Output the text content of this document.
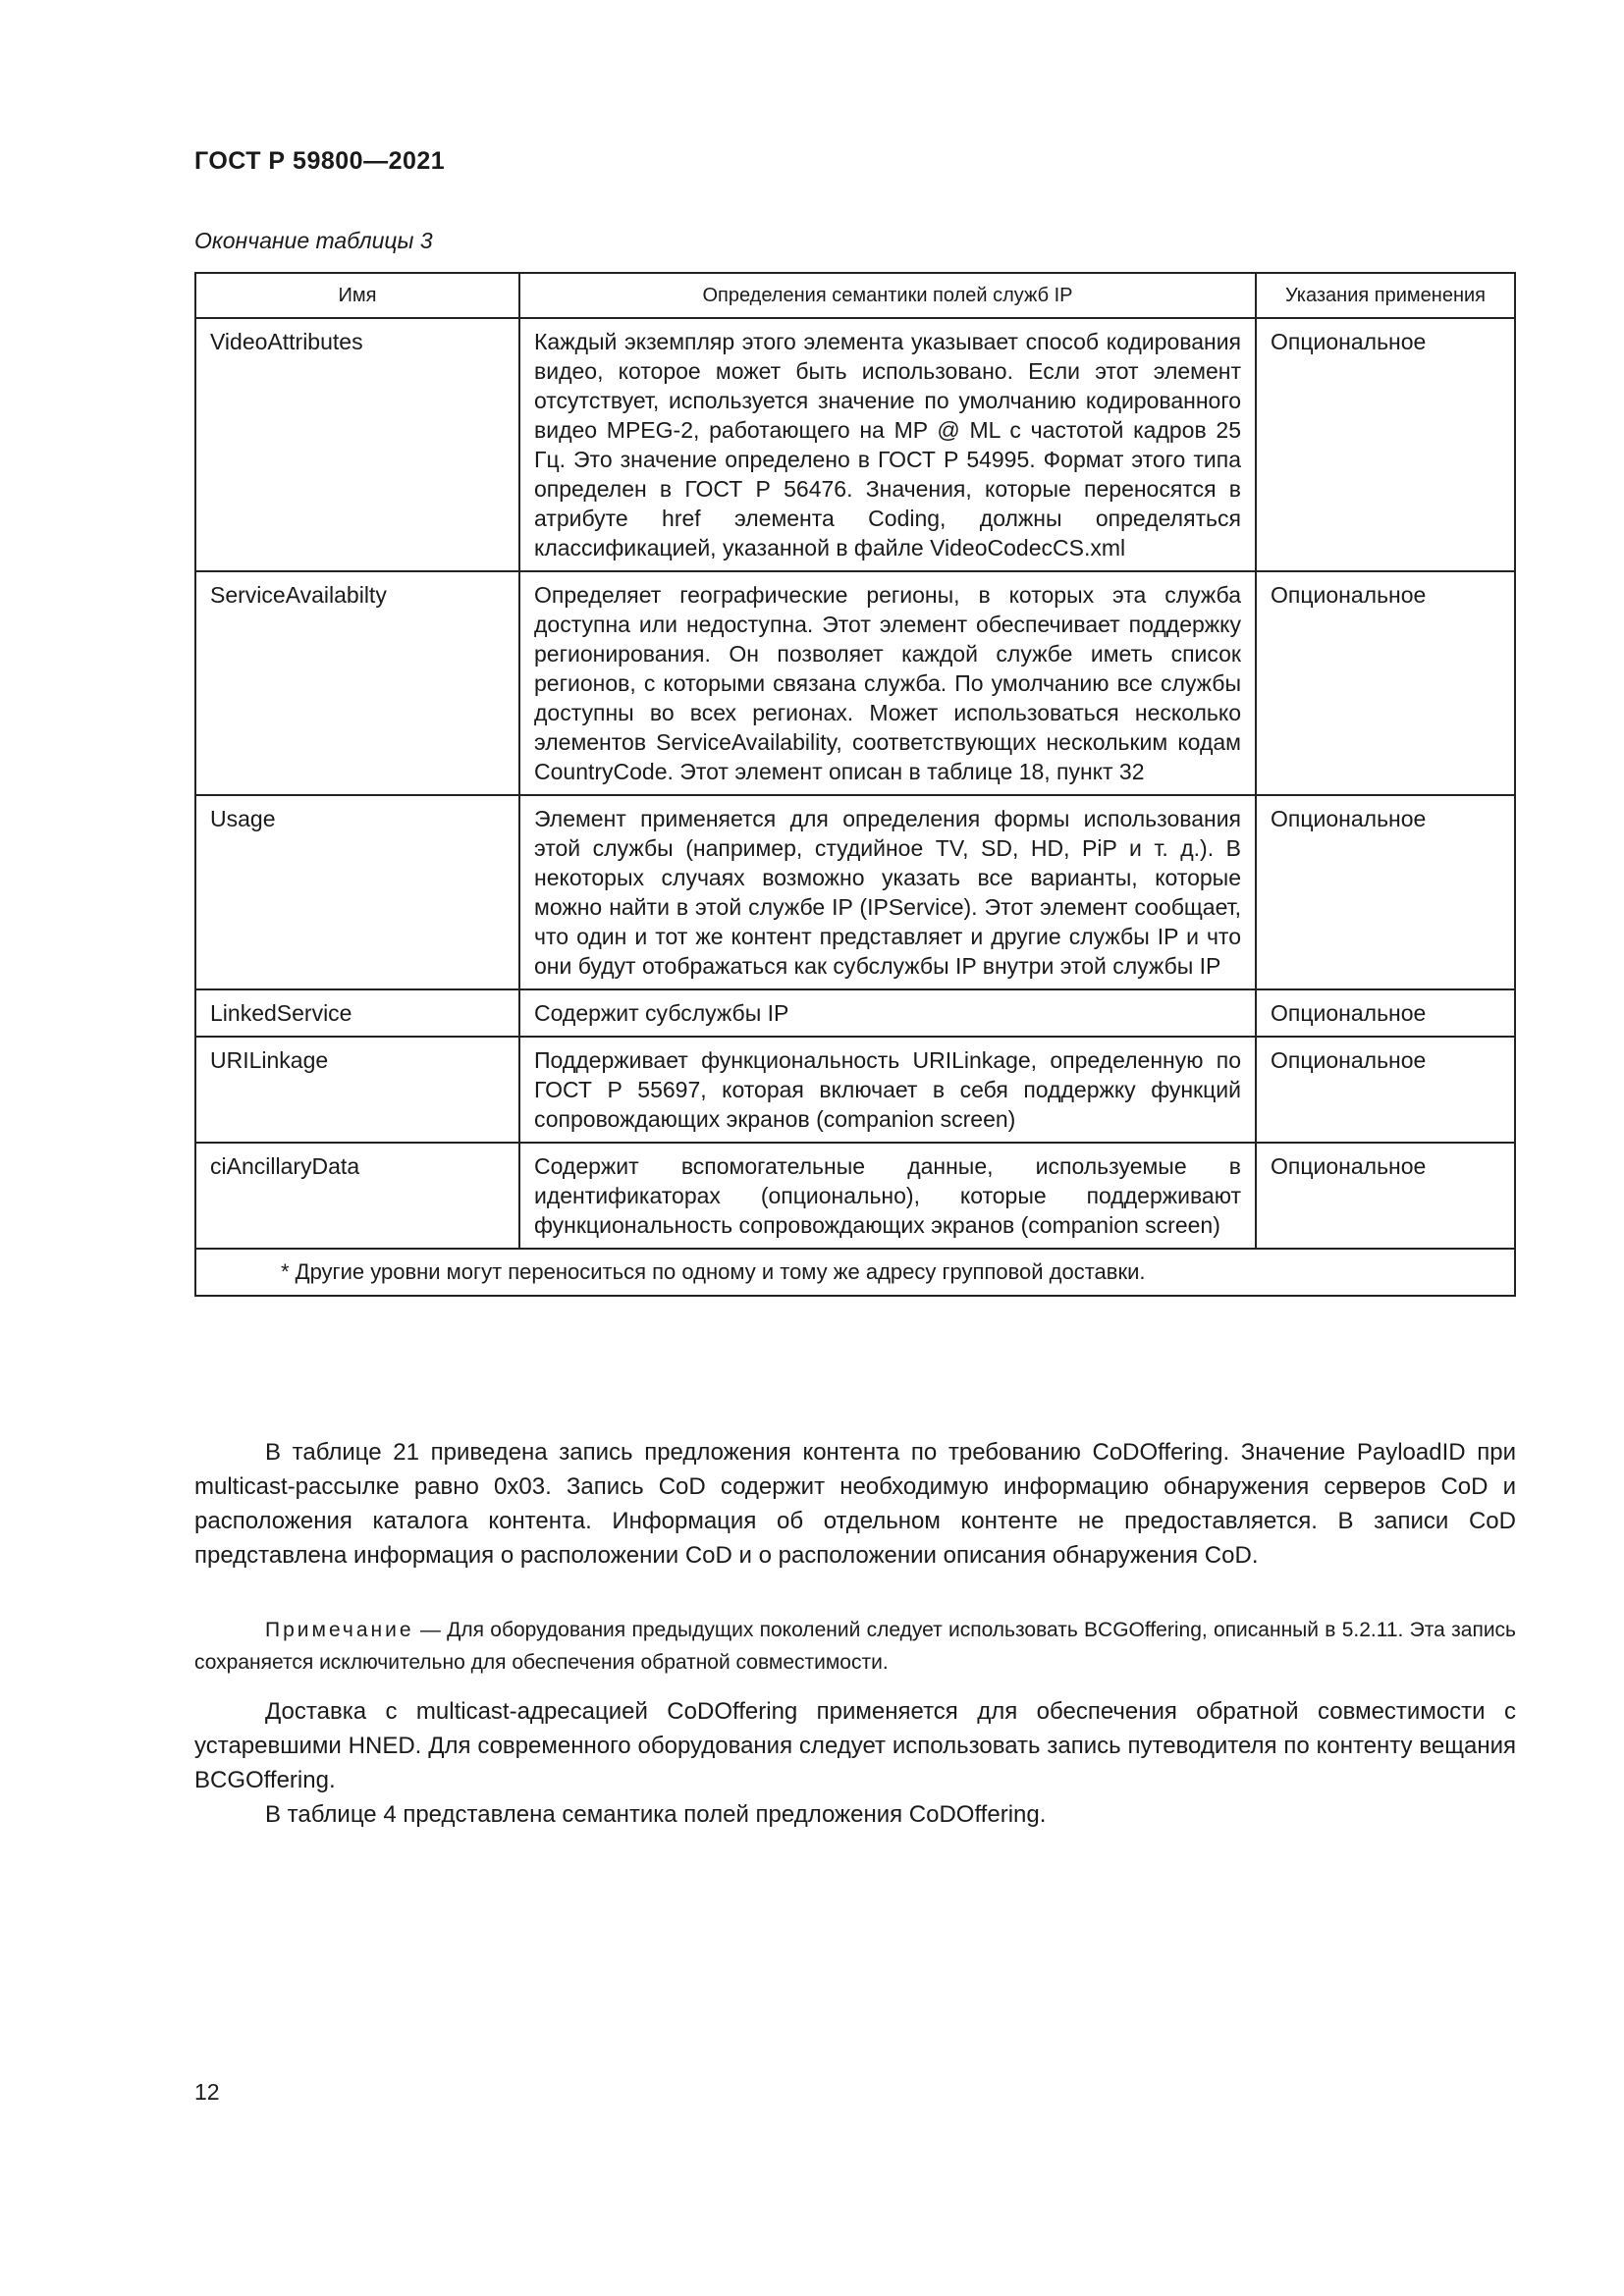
ГОСТ Р 59800—2021
Окончание таблицы 3
Имя	Определения семантики полей служб IP	Указания применения
VideoAttributes	Каждый экземпляр этого элемента указывает способ кодирования видео, которое может быть использовано. Если этот элемент отсутствует, используется значение по умолчанию кодированного видео MPEG-2, работающего на MP @ ML с частотой кадров 25 Гц. Это значение определено в ГОСТ Р 54995. Формат этого типа определен в ГОСТ Р 56476. Значения, которые переносятся в атрибуте href элемента Coding, должны определяться классификацией, указанной в файле VideoCodecCS.xml	Опциональное
ServiceAvailabilty	Определяет географические регионы, в которых эта служба доступна или недоступна. Этот элемент обеспечивает поддержку регионирования. Он позволяет каждой службе иметь список регионов, с которыми связана служба. По умолчанию все службы доступны во всех регионах. Может использоваться несколько элементов ServiceAvailability, соответствующих нескольким кодам CountryCode. Этот элемент описан в таблице 18, пункт 32	Опциональное
Usage	Элемент применяется для определения формы использования этой службы (например, студийное TV, SD, HD, PiP и т. д.). В некоторых случаях возможно указать все варианты, которые можно найти в этой службе IP (IPService). Этот элемент сообщает, что один и тот же контент представляет и другие службы IP и что они будут отображаться как субслужбы IP внутри этой службы IP	Опциональное
LinkedService	Содержит субслужбы IP	Опциональное
URILinkage	Поддерживает функциональность URILinkage, определенную по ГОСТ Р 55697, которая включает в себя поддержку функций сопровождающих экранов (companion screen)	Опциональное
ciAncillaryData	Содержит вспомогательные данные, используемые в идентификаторах (опционально), которые поддерживают функциональность сопровождающих экранов (companion screen)	Опциональное
* Другие уровни могут переноситься по одному и тому же адресу групповой доставки.		

В таблице 21 приведена запись предложения контента по требованию CoDOffering. Значение PayloadID при multicast-рассылке равно 0x03. Запись CoD содержит необходимую информацию обнаружения серверов CoD и расположения каталога контента. Информация об отдельном контенте не предоставляется. В записи CoD представлена информация о расположении CoD и о расположении описания обнаружения CoD.

Примечание — Для оборудования предыдущих поколений следует использовать BCGOffering, описанный в 5.2.11. Эта запись сохраняется исключительно для обеспечения обратной совместимости.

Доставка с multicast-адресацией CoDOffering применяется для обеспечения обратной совместимости с устаревшими HNED. Для современного оборудования следует использовать запись путеводителя по контенту вещания BCGOffering.

В таблице 4 представлена семантика полей предложения CoDOffering.

12
